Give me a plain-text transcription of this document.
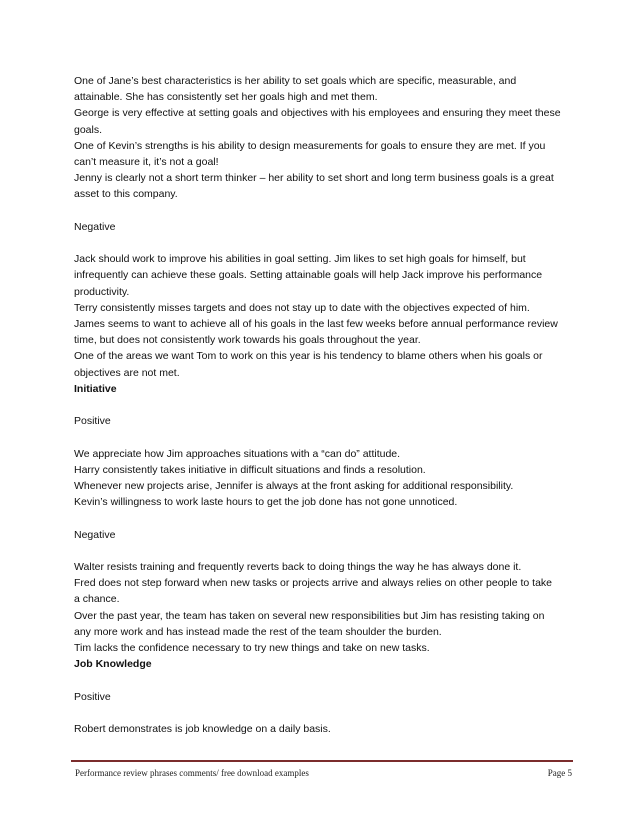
One of Jane’s best characteristics is her ability to set goals which are specific, measurable, and

attainable. She has consistently set her goals high and met them.

George is very effective at setting goals and objectives with his employees and ensuring they meet these

goals.

One of Kevin’s strengths is his ability to design measurements for goals to ensure they are met. If you

can’t measure it, it’s not a goal!

Jenny is clearly not a short term thinker – her ability to set short and long term business goals is a great

asset to this company.

Negative

Jack should work to improve his abilities in goal setting. Jim likes to set high goals for himself, but

infrequently can achieve these goals. Setting attainable goals will help Jack improve his performance

productivity.

Terry consistently misses targets and does not stay up to date with the objectives expected of him.

James seems to want to achieve all of his goals in the last few weeks before annual performance review

time, but does not consistently work towards his goals throughout the year.

One of the areas we want Tom to work on this year is his tendency to blame others when his goals or

objectives are not met.

Initiative

Positive

We appreciate how Jim approaches situations with a “can do” attitude.

Harry consistently takes initiative in difficult situations and finds a resolution.

Whenever new projects arise, Jennifer is always at the front asking for additional responsibility.

Kevin’s willingness to work laste hours to get the job done has not gone unnoticed.

Negative

Walter resists training and frequently reverts back to doing things the way he has always done it.

Fred does not step forward when new tasks or projects arrive and always relies on other people to take

a chance.

Over the past year, the team has taken on several new responsibilities but Jim has resisting taking on

any more work and has instead made the rest of the team shoulder the burden.

Tim lacks the confidence necessary to try new things and take on new tasks.

Job Knowledge

Positive

Robert demonstrates is job knowledge on a daily basis.

Performance review phrases comments/ free download examples	Page 5
